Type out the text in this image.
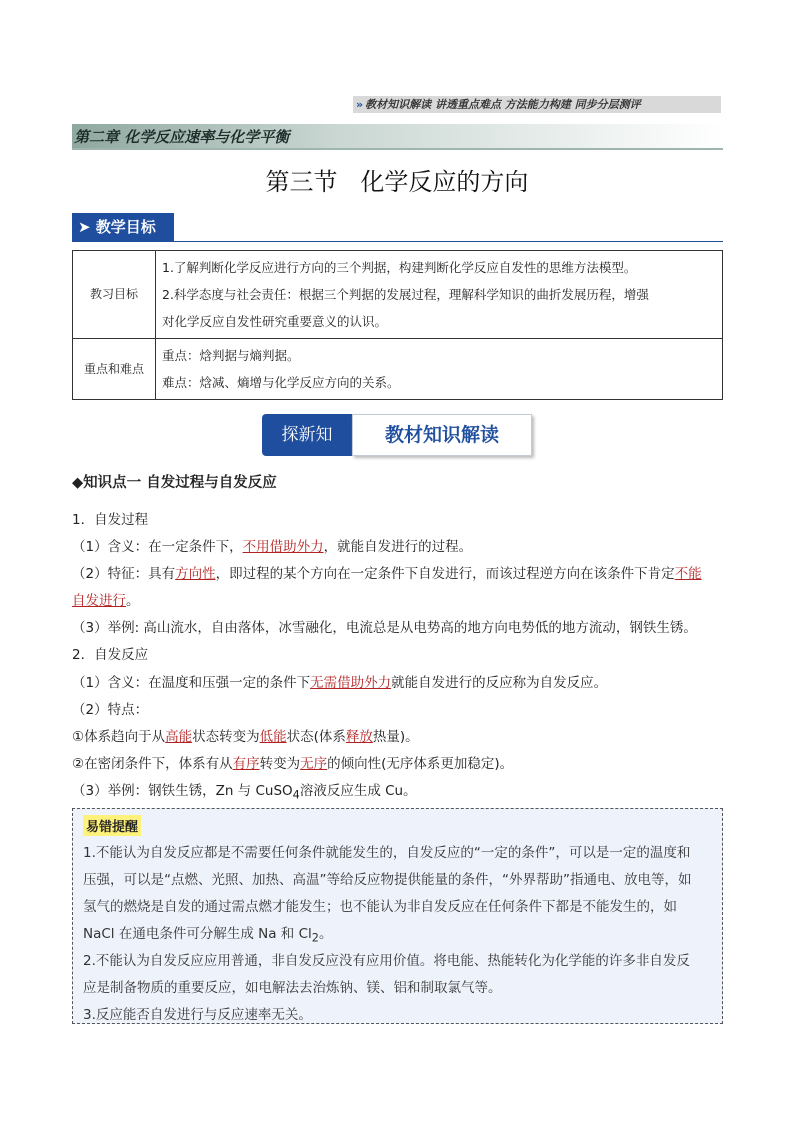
» 教材知识解读 讲透重点难点 方法能力构建 同步分层测评
第二章 化学反应速率与化学平衡
第三节   化学反应的方向
➤ 教学目标
教习目标	1.了解判断化学反应进行方向的三个判据，构建判断化学反应自发性的思维方法模型。
2.科学态度与社会责任：根据三个判据的发展过程，理解科学知识的曲折发展历程，增强
对化学反应自发性研究重要意义的认识。

重点和难点	重点：焓判据与熵判据。
难点：焓减、熵增与化学反应方向的关系。
探新知	教材知识解读
◆知识点一 自发过程与自发反应
1．自发过程
（1）含义：在一定条件下，不用借助外力，就能自发进行的过程。
（2）特征：具有方向性，即过程的某个方向在一定条件下自发进行，而该过程逆方向在该条件下肯定不能
自发进行。
（3）举例: 高山流水，自由落体，冰雪融化，电流总是从电势高的地方向电势低的地方流动，钢铁生锈。
2．自发反应
（1）含义：在温度和压强一定的条件下无需借助外力就能自发进行的反应称为自发反应。
（2）特点：
①体系趋向于从高能状态转变为低能状态(体系释放热量)。
②在密闭条件下，体系有从有序转变为无序的倾向性(无序体系更加稳定)。
（3）举例：钢铁生锈，Zn 与 CuSO$_4$溶液反应生成 Cu。
易错提醒
1.不能认为自发反应都是不需要任何条件就能发生的，自发反应的“一定的条件”，可以是一定的温度和
压强，可以是“点燃、光照、加热、高温”等给反应物提供能量的条件，“外界帮助”指通电、放电等，如
氢气的燃烧是自发的通过需点燃才能发生；也不能认为非自发反应在任何条件下都是不能发生的，如
NaCl 在通电条件可分解生成 Na 和 $Cl_2$。
2.不能认为自发反应应用普通，非自发反应没有应用价值。将电能、热能转化为化学能的许多非自发反
应是制备物质的重要反应，如电解法去治炼钠、镁、铝和制取氯气等。
3.反应能否自发进行与反应速率无关。
